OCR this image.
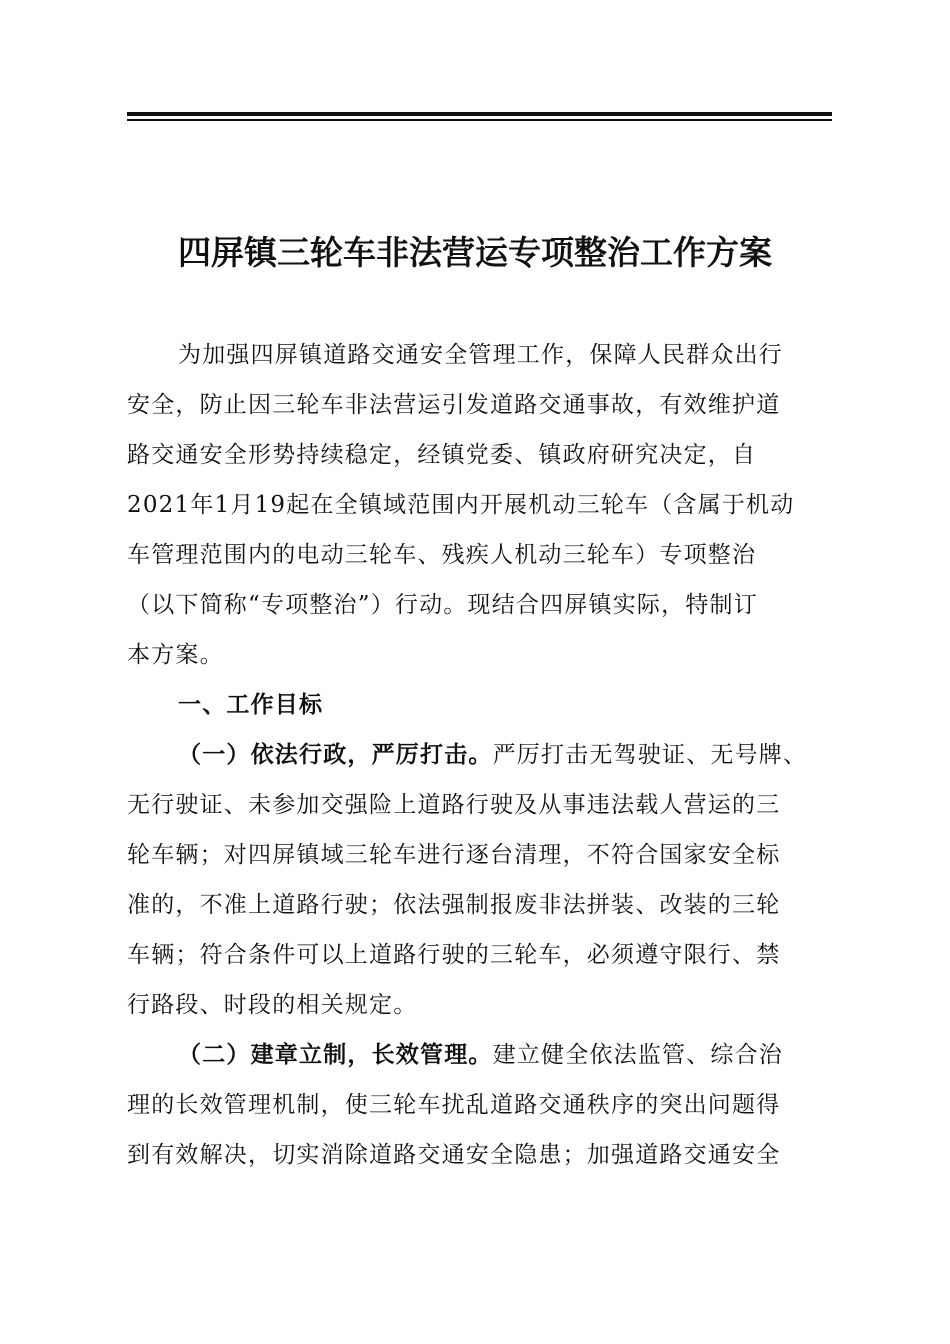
四屏镇三轮车非法营运专项整治工作方案
为加强四屏镇道路交通安全管理工作，保障人民群众出行
安全，防止因三轮车非法营运引发道路交通事故，有效维护道
路交通安全形势持续稳定，经镇党委、镇政府研究决定，自
2021年1月19起在全镇域范围内开展机动三轮车（含属于机动
车管理范围内的电动三轮车、残疾人机动三轮车）专项整治
（以下简称“专项整治”）行动。现结合四屏镇实际，特制订
本方案。
一、工作目标
（一）依法行政，严厉打击。严厉打击无驾驶证、无号牌、
无行驶证、未参加交强险上道路行驶及从事违法载人营运的三
轮车辆；对四屏镇域三轮车进行逐台清理，不符合国家安全标
准的，不准上道路行驶；依法强制报废非法拼装、改装的三轮
车辆；符合条件可以上道路行驶的三轮车，必须遵守限行、禁
行路段、时段的相关规定。
（二）建章立制，长效管理。建立健全依法监管、综合治
理的长效管理机制，使三轮车扰乱道路交通秩序的突出问题得
到有效解决，切实消除道路交通安全隐患；加强道路交通安全
